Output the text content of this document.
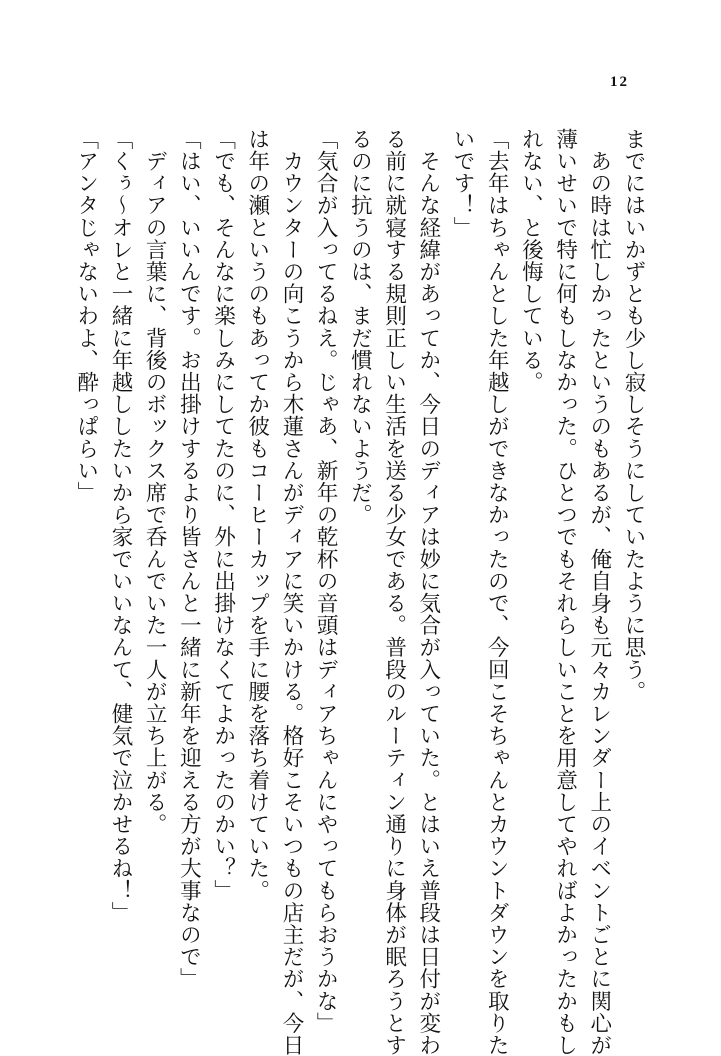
12
までにはいかずとも少し寂しそうにしていたように思う。
　あの時は忙しかったというのもあるが、俺自身も元々カレンダー上のイベントごとに関心が
薄いせいで特に何もしなかった。ひとつでもそれらしいことを用意してやればよかったかもし
れない、と後悔している。
「去年はちゃんとした年越しができなかったので、今回こそちゃんとカウントダウンを取りた
いです！」
　そんな経緯があってか、今日のディアは妙に気合が入っていた。とはいえ普段は日付が変わ
る前に就寝する規則正しい生活を送る少女である。普段のルーティン通りに身体が眠ろうとす
るのに抗うのは、まだ慣れないようだ。
「気合が入ってるねえ。じゃあ、新年の乾杯の音頭はディアちゃんにやってもらおうかな」
　カウンターの向こうから木蓮さんがディアに笑いかける。格好こそいつもの店主だが、今日
は年の瀬というのもあってか彼もコーヒーカップを手に腰を落ち着けていた。
「でも、そんなに楽しみにしてたのに、外に出掛けなくてよかったのかい？」
「はい、いいんです。お出掛けするより皆さんと一緒に新年を迎える方が大事なので」
　ディアの言葉に、背後のボックス席で呑んでいた一人が立ち上がる。
「くぅ～オレと一緒に年越ししたいから家でいいなんて、健気で泣かせるね！」
「アンタじゃないわよ、酔っぱらい」
